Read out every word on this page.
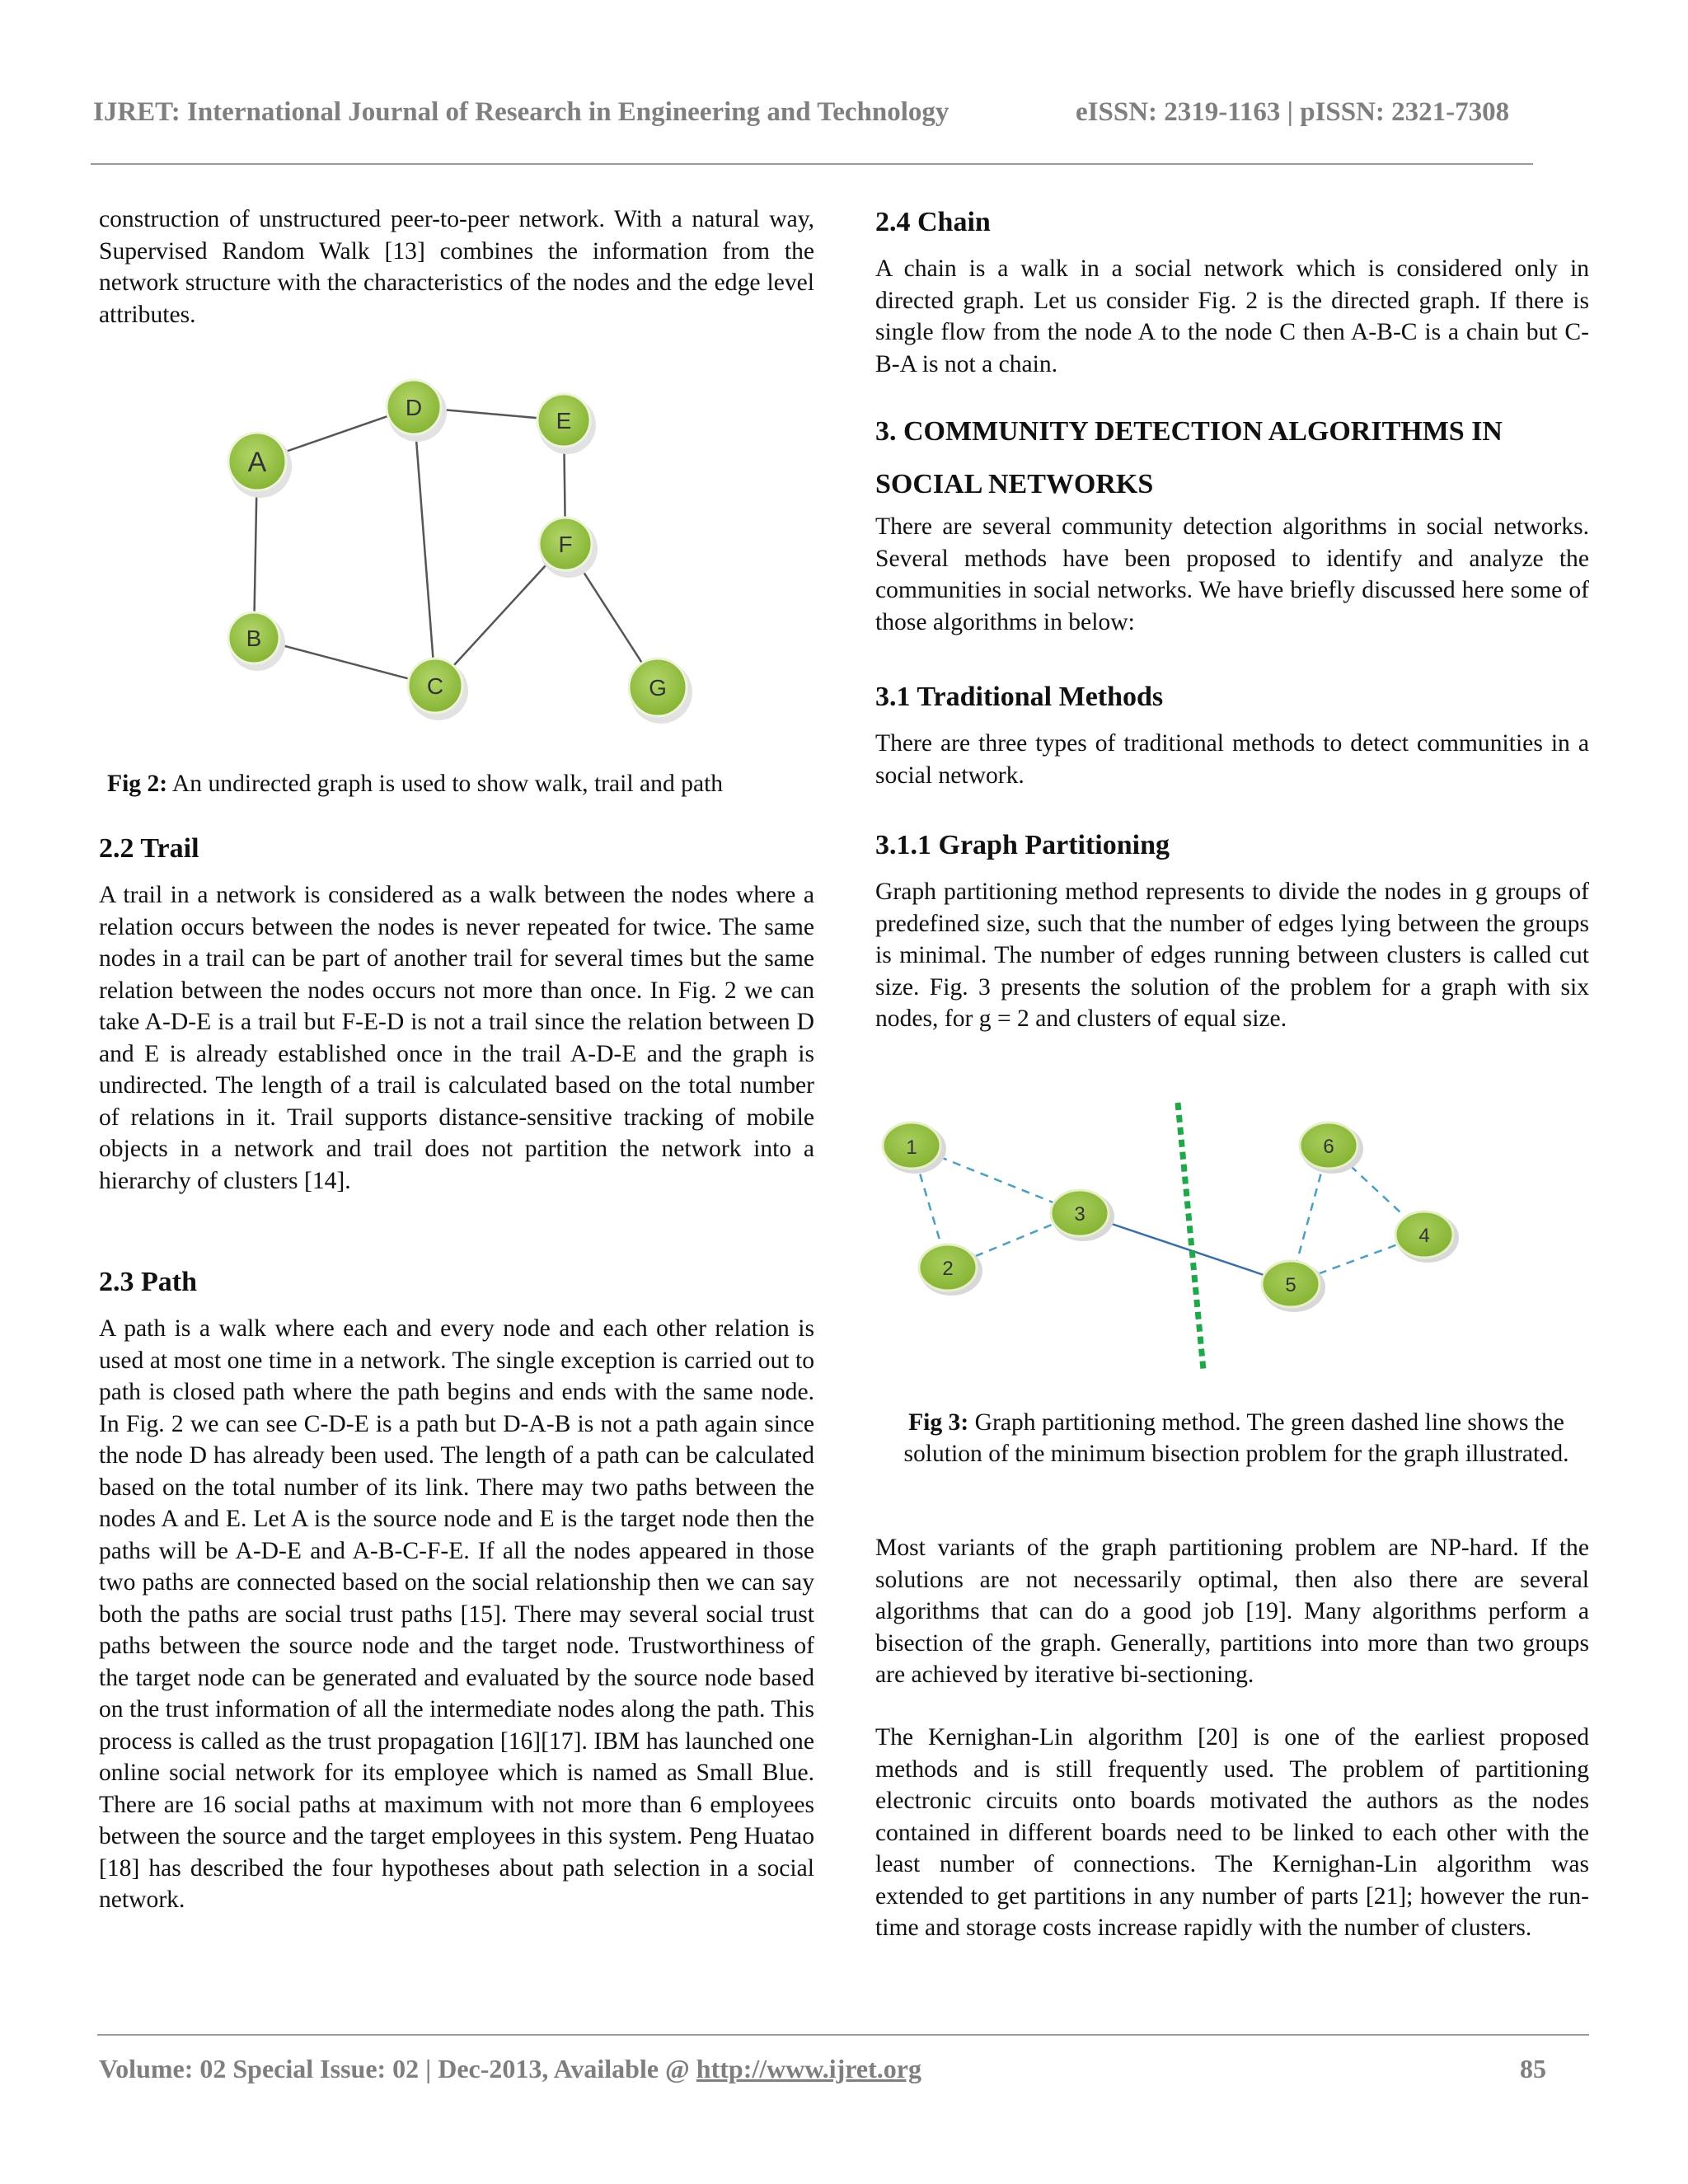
IJRET: International Journal of Research in Engineering and Technology	eISSN: 2319-1163 | pISSN: 2321-7308

construction of unstructured peer-to-peer network. With a natural way, Supervised Random Walk [13] combines the information from the network structure with the characteristics of the nodes and the edge level attributes.

A
B
C
D
E
F
G
Fig 2: An undirected graph is used to show walk, trail and path
2.2 Trail

A trail in a network is considered as a walk between the nodes where a relation occurs between the nodes is never repeated for twice. The same nodes in a trail can be part of another trail for several times but the same relation between the nodes occurs not more than once. In Fig. 2 we can take A-D-E is a trail but F-E-D is not a trail since the relation between D and E is already established once in the trail A-D-E and the graph is undirected. The length of a trail is calculated based on the total number of relations in it. Trail supports distance-sensitive tracking of mobile objects in a network and trail does not partition the network into a hierarchy of clusters [14].

2.3 Path

A path is a walk where each and every node and each other relation is used at most one time in a network. The single exception is carried out to path is closed path where the path begins and ends with the same node. In Fig. 2 we can see C-D-E is a path but D-A-B is not a path again since the node D has already been used. The length of a path can be calculated based on the total number of its link. There may two paths between the nodes A and E. Let A is the source node and E is the target node then the paths will be A-D-E and A-B-C-F-E. If all the nodes appeared in those two paths are connected based on the social relationship then we can say both the paths are social trust paths [15]. There may several social trust paths between the source node and the target node. Trustworthiness of the target node can be generated and evaluated by the source node based on the trust information of all the intermediate nodes along the path. This process is called as the trust propagation [16][17]. IBM has launched one online social network for its employee which is named as Small Blue. There are 16 social paths at maximum with not more than 6 employees between the source and the target employees in this system. Peng Huatao [18] has described the four hypotheses about path selection in a social network.

2.4 Chain

A chain is a walk in a social network which is considered only in directed graph. Let us consider Fig. 2 is the directed graph. If there is single flow from the node A to the node C then A-B-C is a chain but C-B-A is not a chain.

3. COMMUNITY DETECTION ALGORITHMS IN
SOCIAL NETWORKS

There are several community detection algorithms in social networks. Several methods have been proposed to identify and analyze the communities in social networks. We have briefly discussed here some of those algorithms in below:

3.1 Traditional Methods

There are three types of traditional methods to detect communities in a social network.

3.1.1 Graph Partitioning

Graph partitioning method represents to divide the nodes in g groups of predefined size, such that the number of edges lying between the groups is minimal. The number of edges running between clusters is called cut size. Fig. 3 presents the solution of the problem for a graph with six nodes, for g = 2 and clusters of equal size.

1
2
3
4
5
6
Fig 3: Graph partitioning method. The green dashed line shows the solution of the minimum bisection problem for the graph illustrated.

Most variants of the graph partitioning problem are NP-hard. If the solutions are not necessarily optimal, then also there are several algorithms that can do a good job [19]. Many algorithms perform a bisection of the graph. Generally, partitions into more than two groups are achieved by iterative bi-sectioning.

The Kernighan-Lin algorithm [20] is one of the earliest proposed methods and is still frequently used. The problem of partitioning electronic circuits onto boards motivated the authors as the nodes contained in different boards need to be linked to each other with the least number of connections. The Kernighan-Lin algorithm was extended to get partitions in any number of parts [21]; however the run-time and storage costs increase rapidly with the number of clusters.

Volume: 02 Special Issue: 02 | Dec-2013, Available @ http://www.ijret.org	85
